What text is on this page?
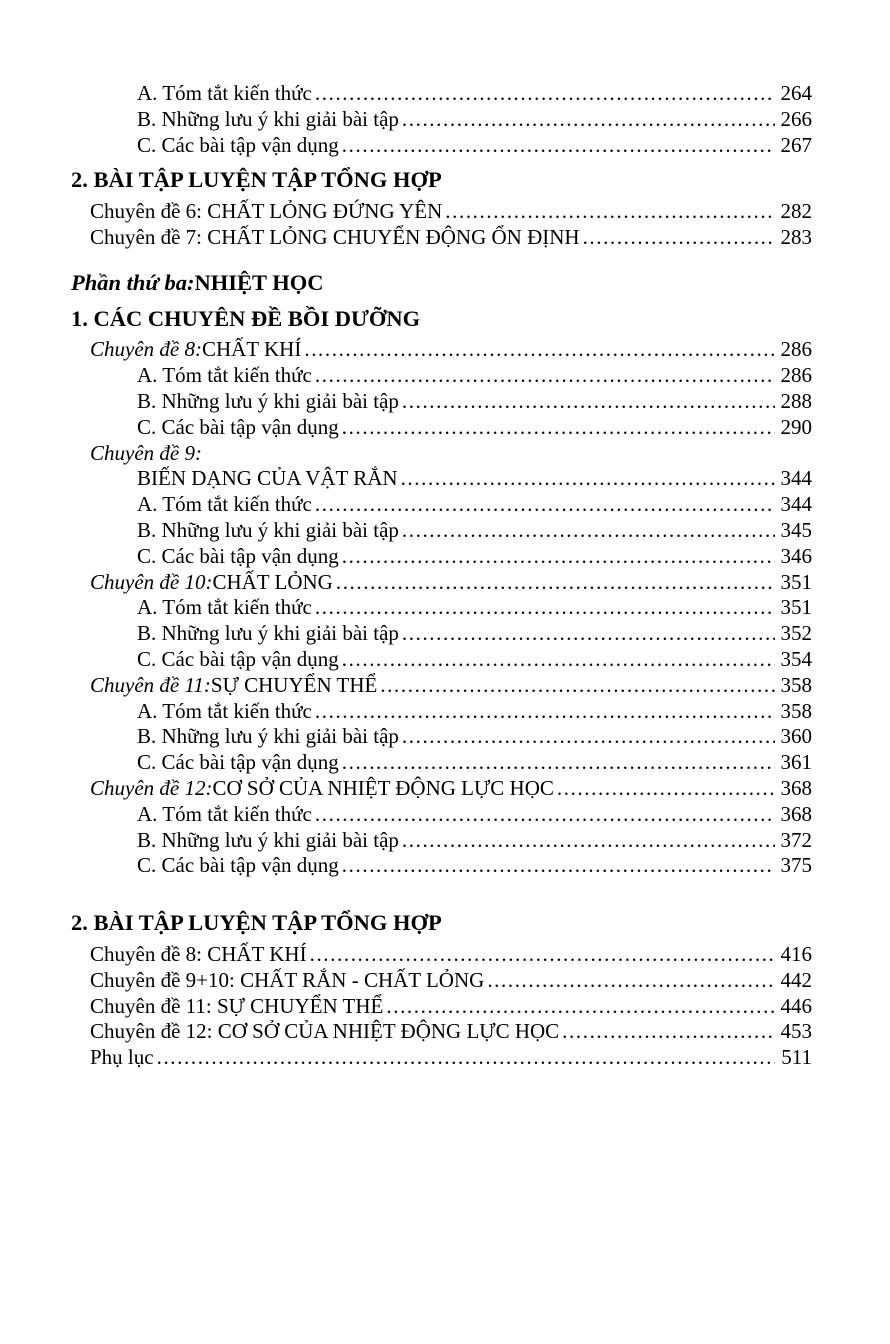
A. Tóm tắt kiến thức .....	264
B. Những lưu ý khi giải bài tập .....	266
C. Các bài tập vận dụng .....	267
2. BÀI TẬP LUYỆN TẬP TỔNG HỢP
Chuyên đề 6: CHẤT LỎNG ĐỨNG YÊN .....	282
Chuyên đề 7: CHẤT LỎNG CHUYỂN ĐỘNG ỔN ĐỊNH .....	283
Phần thứ ba: NHIỆT HỌC
1. CÁC CHUYÊN ĐỀ BỒI DƯỠNG
Chuyên đề 8: CHẤT KHÍ .....	286
A. Tóm tắt kiến thức .....	286
B. Những lưu ý khi giải bài tập .....	288
C. Các bài tập vận dụng .....	290
Chuyên đề 9:
BIẾN DẠNG CỦA VẬT RẮN .....	344
A. Tóm tắt kiến thức .....	344
B. Những lưu ý khi giải bài tập .....	345
C. Các bài tập vận dụng .....	346
Chuyên đề 10: CHẤT LỎNG .....	351
A. Tóm tắt kiến thức .....	351
B. Những lưu ý khi giải bài tập .....	352
C. Các bài tập vận dụng .....	354
Chuyên đề 11: SỰ CHUYỂN THỂ .....	358
A. Tóm tắt kiến thức .....	358
B. Những lưu ý khi giải bài tập .....	360
C. Các bài tập vận dụng .....	361
Chuyên đề 12: CƠ SỞ CỦA NHIỆT ĐỘNG LỰC HỌC .....	368
A. Tóm tắt kiến thức .....	368
B. Những lưu ý khi giải bài tập .....	372
C. Các bài tập vận dụng .....	375
2. BÀI TẬP LUYỆN TẬP TỔNG HỢP
Chuyên đề 8: CHẤT KHÍ .....	416
Chuyên đề 9+10: CHẤT RẮN - CHẤT LỎNG .....	442
Chuyên đề 11: SỰ CHUYỂN THỂ .....	446
Chuyên đề 12: CƠ SỞ CỦA NHIỆT ĐỘNG LỰC HỌC .....	453
Phụ lục .....	511
